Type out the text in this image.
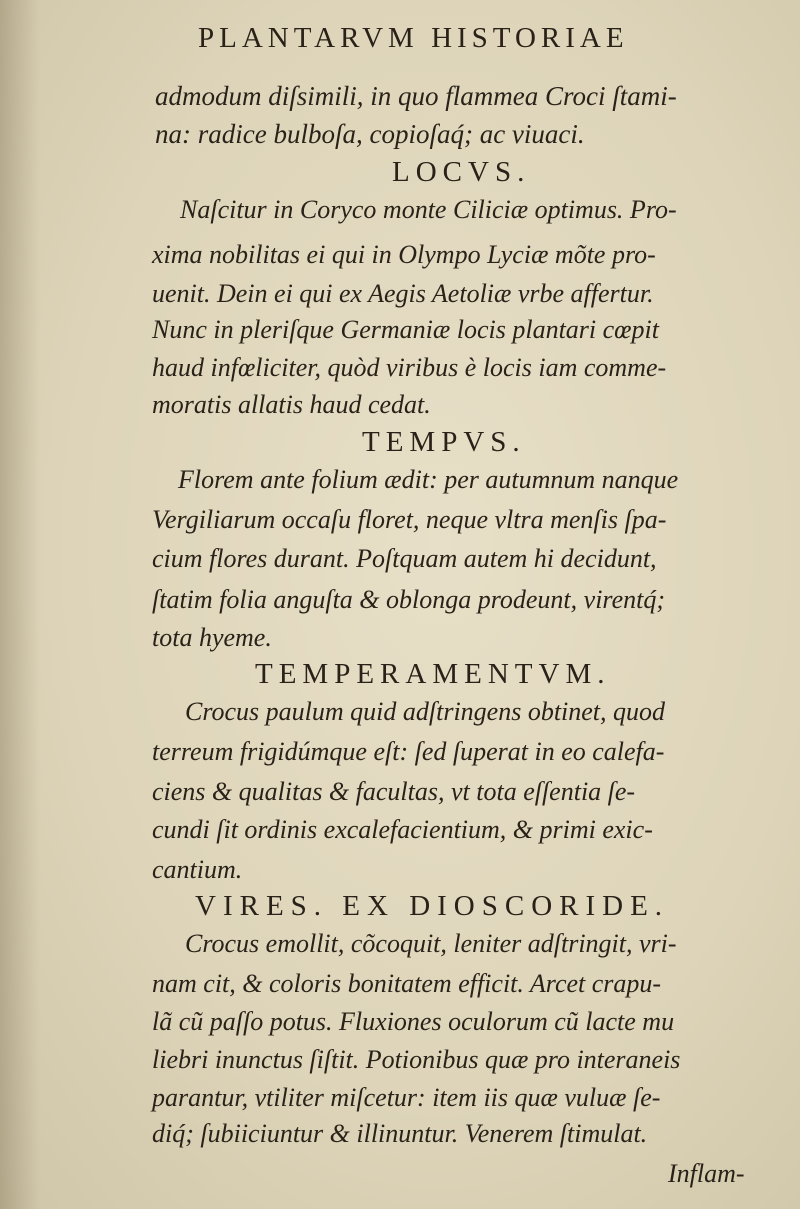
PLANTARVM HISTORIAE
admodum diſsimili, in quo flammea Croci ſtami-
na: radice bulboſa, copioſaq́; ac viuaci.
LOCVS.
Naſcitur in Coryco monte Ciliciæ optimus. Pro-
xima nobilitas ei qui in Olympo Lyciæ mõte pro-
uenit. Dein ei qui ex Aegis Aetoliæ vrbe affertur.
Nunc in pleriſque Germaniæ locis plantari cœpit
haud infœliciter, quòd viribus è locis iam comme-
moratis allatis haud cedat.
TEMPVS.
Florem ante folium ædit: per autumnum nanque
Vergiliarum occaſu floret, neque vltra menſis ſpa-
cium flores durant. Poſtquam autem hi decidunt,
ſtatim folia anguſta & oblonga prodeunt, virentq́;
tota hyeme.
TEMPERAMENTVM.
Crocus paulum quid adſtringens obtinet, quod
terreum frigidúmque eſt: ſed ſuperat in eo calefa-
ciens & qualitas & facultas, vt tota eſſentia ſe-
cundi ſit ordinis excalefacientium, & primi exic-
cantium.
VIRES. EX DIOSCORIDE.
Crocus emollit, cõcoquit, leniter adſtringit, vri-
nam cit, & coloris bonitatem efficit. Arcet crapu-
lã cũ paſſo potus. Fluxiones oculorum cũ lacte mu
liebri inunctus ſiſtit. Potionibus quæ pro interaneis
parantur, vtiliter miſcetur: item iis quæ vuluæ ſe-
diq́; ſubiiciuntur & illinuntur. Venerem ſtimulat.
Inflam-
